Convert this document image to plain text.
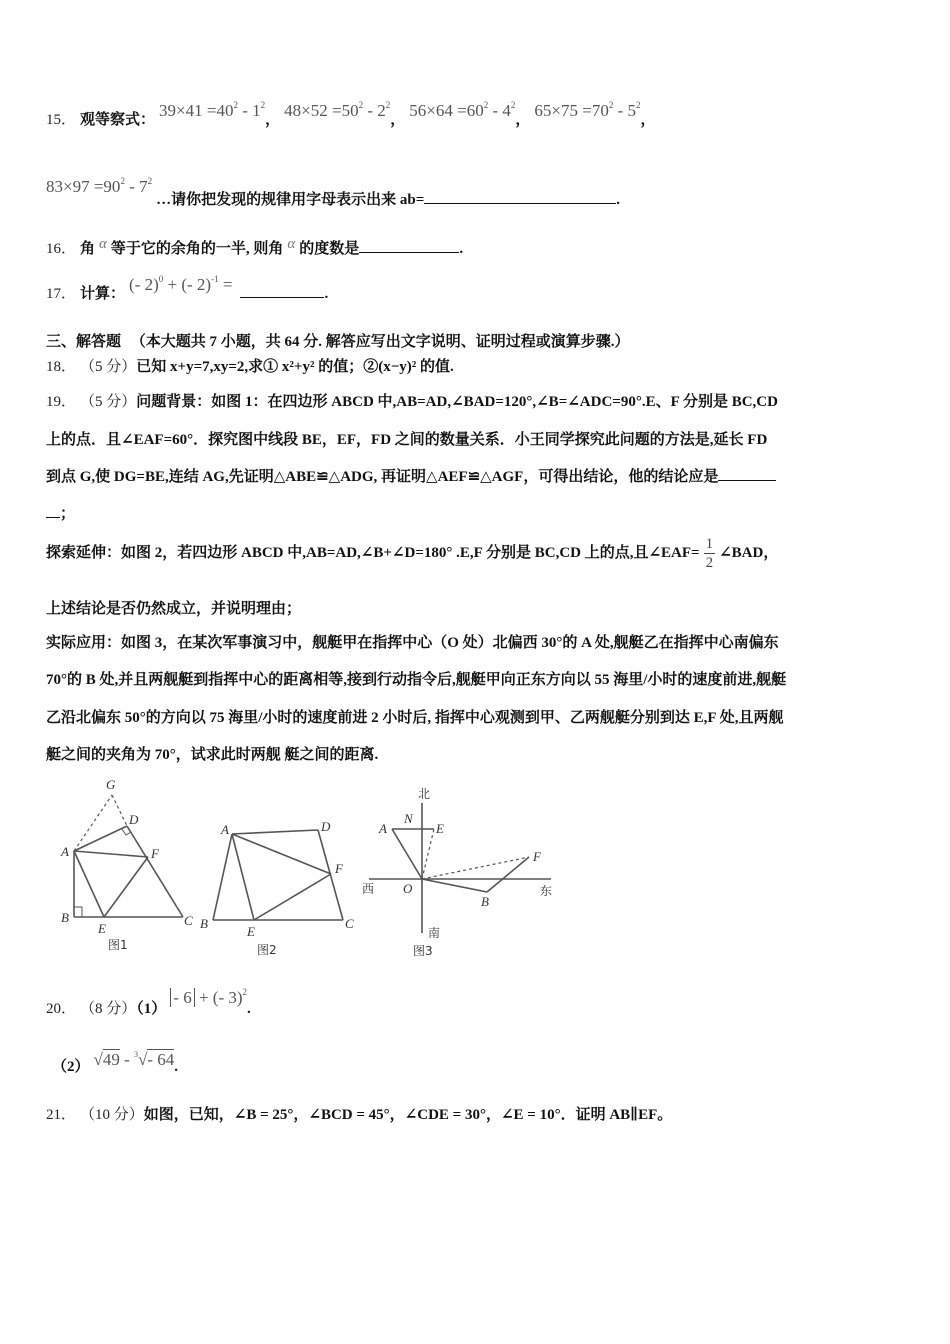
15． 观等察式： $39\times 41 =40^2 - 1^2$， $48\times 52 =50^2 - 2^2$， $56\times 64 =60^2 - 4^2$， $65\times 75 =70^2 - 5^2$，
$83\times 97 =90^2 - 7^2$ …请你把发现的规律用字母表示出来 ab=	.
16． 角 α 等于它的余角的一半, 则角 α 的度数是	.
17． 计算： (- 2)$^0$ + (- 2)$^{-1}$ =	.
三、解答题 （本大题共 7 小题，共 64 分. 解答应写出文字说明、证明过程或演算步骤.）
18． （5 分）已知 x+y=7,xy=2,求① x²+y² 的值；②(x−y)² 的值.
19． （5 分）问题背景：如图 1：在四边形 ABCD 中,AB=AD,∠BAD=120°,∠B=∠ADC=90°.E、F 分别是 BC,CD
上的点．且∠EAF=60°．探究图中线段 BE，EF，FD 之间的数量关系．小王同学探究此问题的方法是,延长 FD
到点 G,使 DG=BE,连结 AG,先证明△ABE≌△ADG, 再证明△AEF≌△AGF，可得出结论，他的结论应是
；
探索延伸：如图 2，若四边形 ABCD 中,AB=AD,∠B+∠D=180° .E,F 分别是 BC,CD 上的点,且∠EAF= $\frac{1}{2}$ ∠BAD，
上述结论是否仍然成立，并说明理由；
实际应用：如图 3，在某次军事演习中，舰艇甲在指挥中心（O 处）北偏西 30°的 A 处,舰艇乙在指挥中心南偏东
70°的 B 处,并且两舰艇到指挥中心的距离相等,接到行动指令后,舰艇甲向正东方向以 55 海里/小时的速度前进,舰艇
乙沿北偏东 50°的方向以 75 海里/小时的速度前进 2 小时后, 指挥中心观测到甲、乙两舰艇分别到达 E,F 处,且两舰
艇之间的夹角为 70°，试求此时两舰 艇之间的距离.
G
D
A	F
B
E
C
图1
A	D
F
B
E
C
图2
北
N
A	E
F
西 O
B
东
南
图3
20． （8 分）（1） - 6 + (- 3)$^2$.
（2） √49 - $^3$√- 64.
21． （10 分）如图，已知，∠B = 25°，∠BCD = 45°，∠CDE = 30°，∠E = 10°．证明 AB∥EF。
